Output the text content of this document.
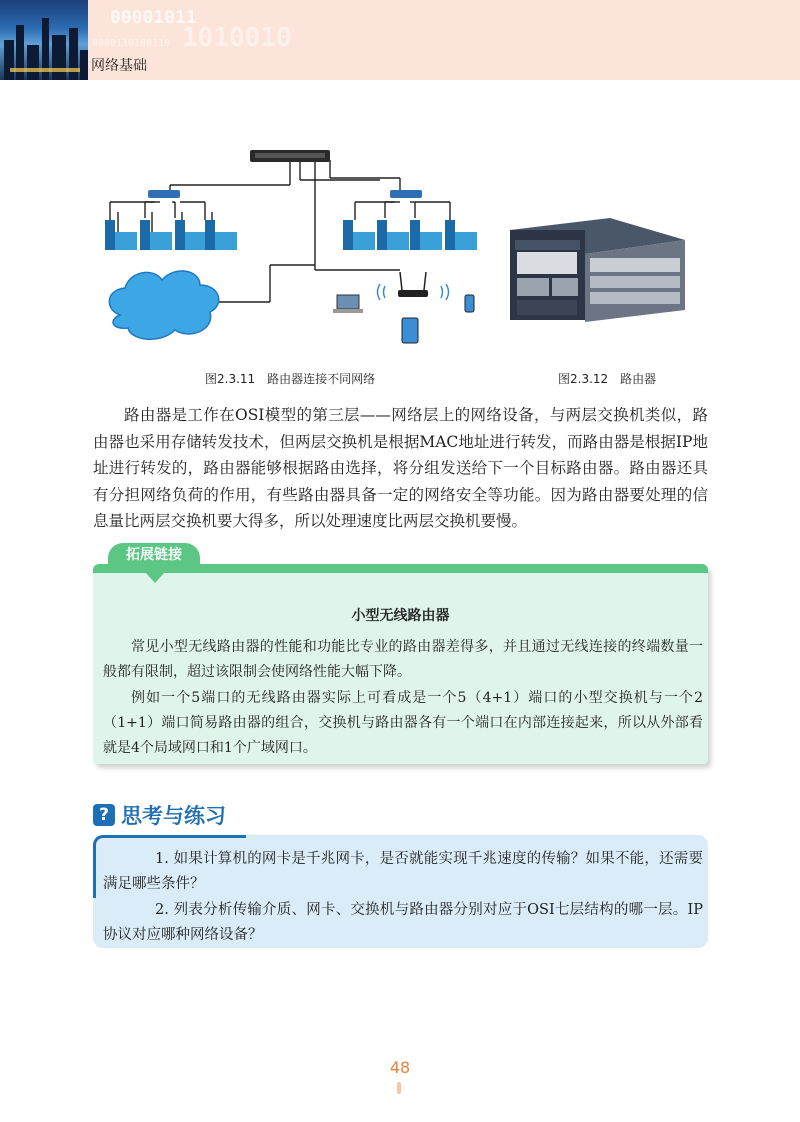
00001011
0000110100110 1010010
网络基础
图2.3.11　路由器连接不同网络	图2.3.12　路由器

路由器是工作在OSI模型的第三层——网络层上的网络设备，与两层交换机类似，路由器也采用存储转发技术，但两层交换机是根据MAC地址进行转发，而路由器是根据IP地址进行转发的，路由器能够根据路由选择，将分组发送给下一个目标路由器。路由器还具有分担网络负荷的作用，有些路由器具备一定的网络安全等功能。因为路由器要处理的信息量比两层交换机要大得多，所以处理速度比两层交换机要慢。

小型无线路由器

常见小型无线路由器的性能和功能比专业的路由器差得多，并且通过无线连接的终端数量一般都有限制，超过该限制会使网络性能大幅下降。

例如一个5端口的无线路由器实际上可看成是一个5（4+1）端口的小型交换机与一个2（1+1）端口简易路由器的组合，交换机与路由器各有一个端口在内部连接起来，所以从外部看就是4个局域网口和1个广域网口。

拓展链接
? 思考与练习

1. 如果计算机的网卡是千兆网卡，是否就能实现千兆速度的传输？如果不能，还需要满足哪些条件？

2. 列表分析传输介质、网卡、交换机与路由器分别对应于OSI七层结构的哪一层。IP协议对应哪种网络设备？

48
